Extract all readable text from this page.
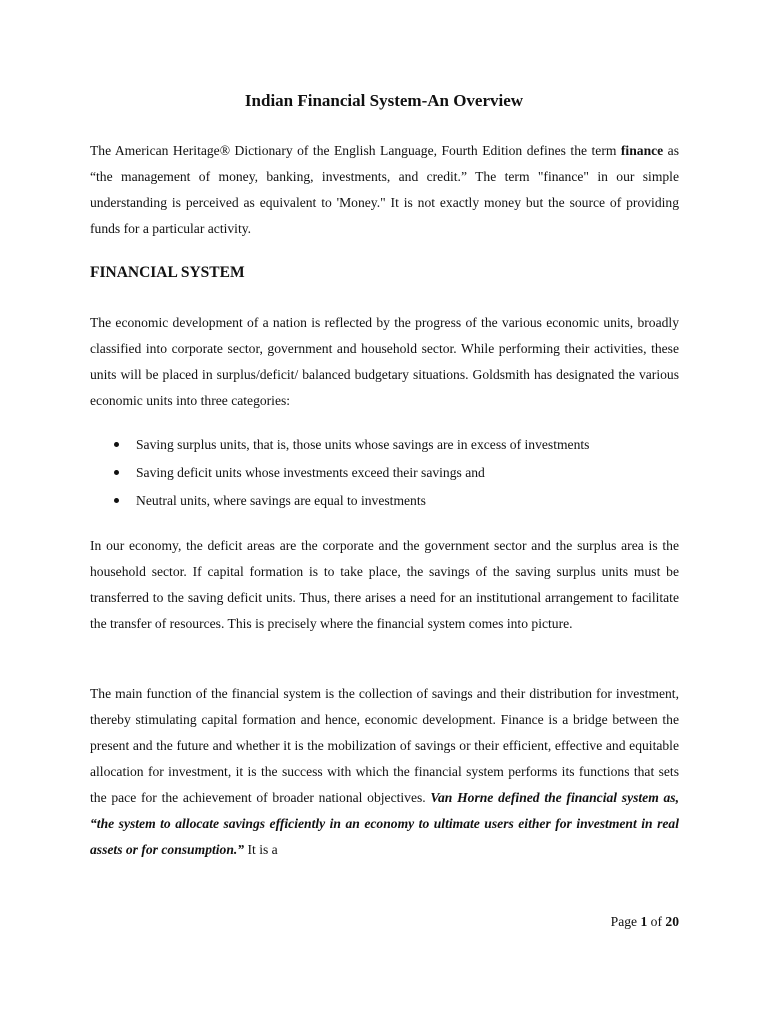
Indian Financial System-An Overview

The American Heritage® Dictionary of the English Language, Fourth Edition defines the term finance as “the management of money, banking, investments, and credit.” The term "finance" in our simple understanding is perceived as equivalent to 'Money." It is not exactly money but the source of providing funds for a particular activity.

FINANCIAL SYSTEM

The economic development of a nation is reflected by the progress of the various economic units, broadly classified into corporate sector, government and household sector. While performing their activities, these units will be placed in surplus/deficit/ balanced budgetary situations. Goldsmith has designated the various economic units into three categories:

Saving surplus units, that is, those units whose savings are in excess of investments
Saving deficit units whose investments exceed their savings and
Neutral units, where savings are equal to investments

In our economy, the deficit areas are the corporate and the government sector and the surplus area is the household sector. If capital formation is to take place, the savings of the saving surplus units must be transferred to the saving deficit units. Thus, there arises a need for an institutional arrangement to facilitate the transfer of resources. This is precisely where the financial system comes into picture.

The main function of the financial system is the collection of savings and their distribution for investment, thereby stimulating capital formation and hence, economic development. Finance is a bridge between the present and the future and whether it is the mobilization of savings or their efficient, effective and equitable allocation for investment, it is the success with which the financial system performs its functions that sets the pace for the achievement of broader national objectives. Van Horne defined the financial system as, “the system to allocate savings efficiently in an economy to ultimate users either for investment in real assets or for consumption.” It is a

Page 1 of 20
